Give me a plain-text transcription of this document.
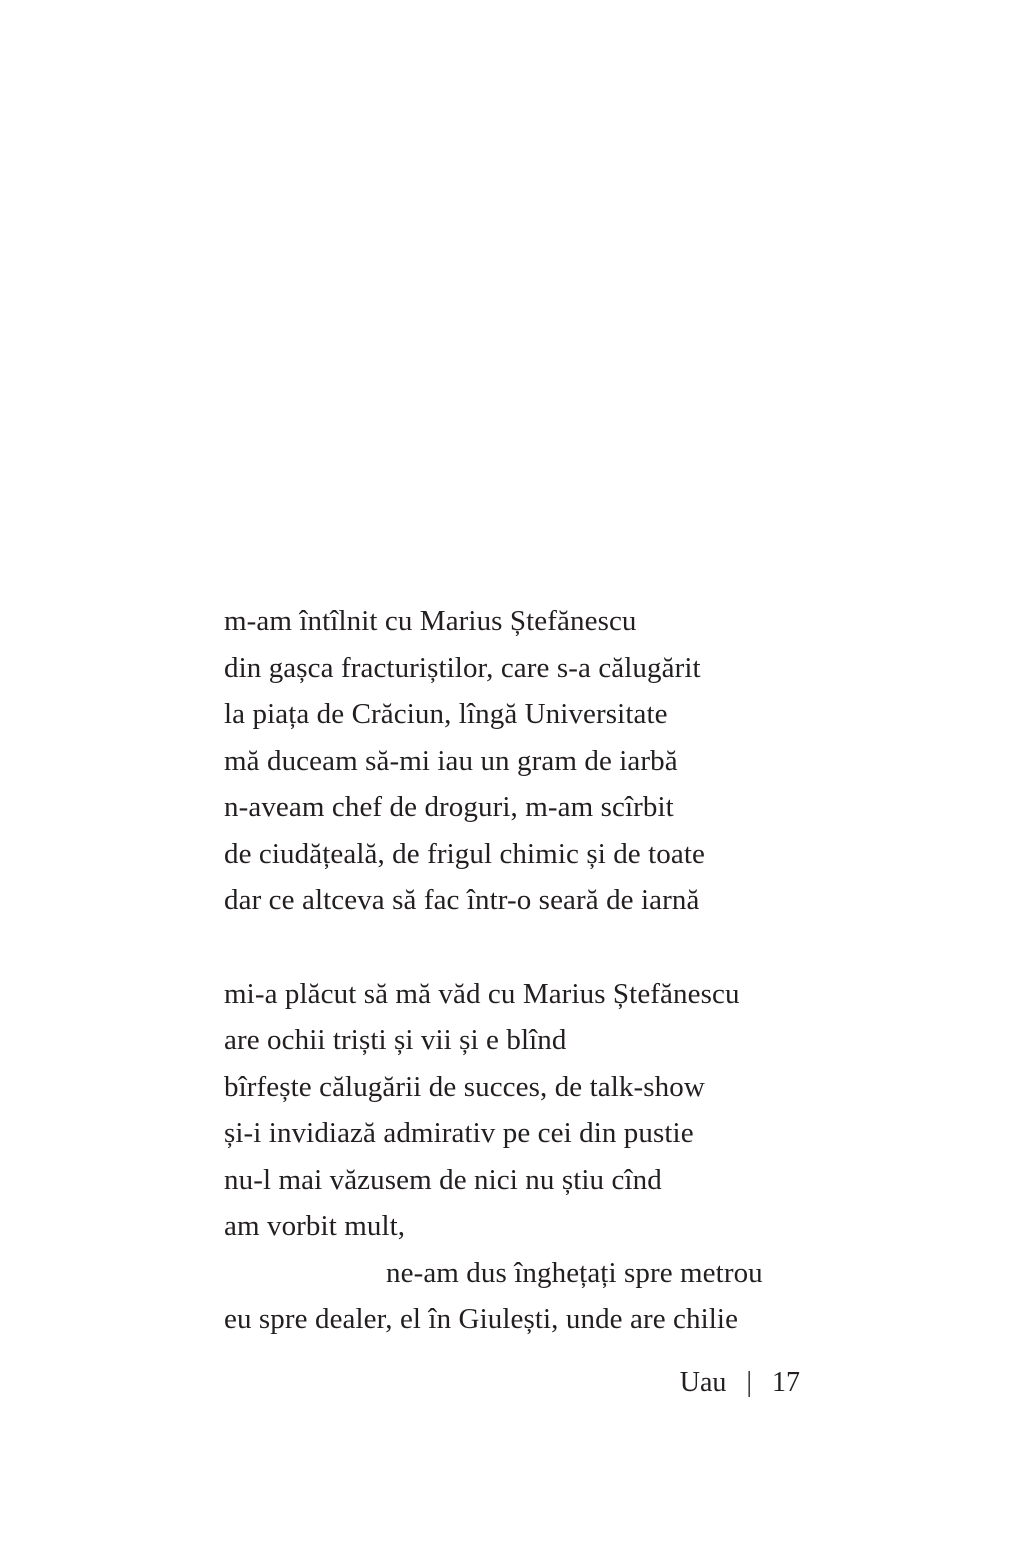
m-am întîlnit cu Marius Ștefănescu
din gașca fracturiștilor, care s-a călugărit
la piața de Crăciun, lîngă Universitate
mă duceam să-mi iau un gram de iarbă
n-aveam chef de droguri, m-am scîrbit
de ciudățeală, de frigul chimic și de toate
dar ce altceva să fac într-o seară de iarnă

mi-a plăcut să mă văd cu Marius Ștefănescu
are ochii triști și vii și e blînd
bîrfește călugării de succes, de talk-show
și-i invidiază admirativ pe cei din pustie
nu-l mai văzusem de nici nu știu cînd
am vorbit mult,
ne-am dus înghețați spre metrou
eu spre dealer, el în Giulești, unde are chilie

Uau | 17
